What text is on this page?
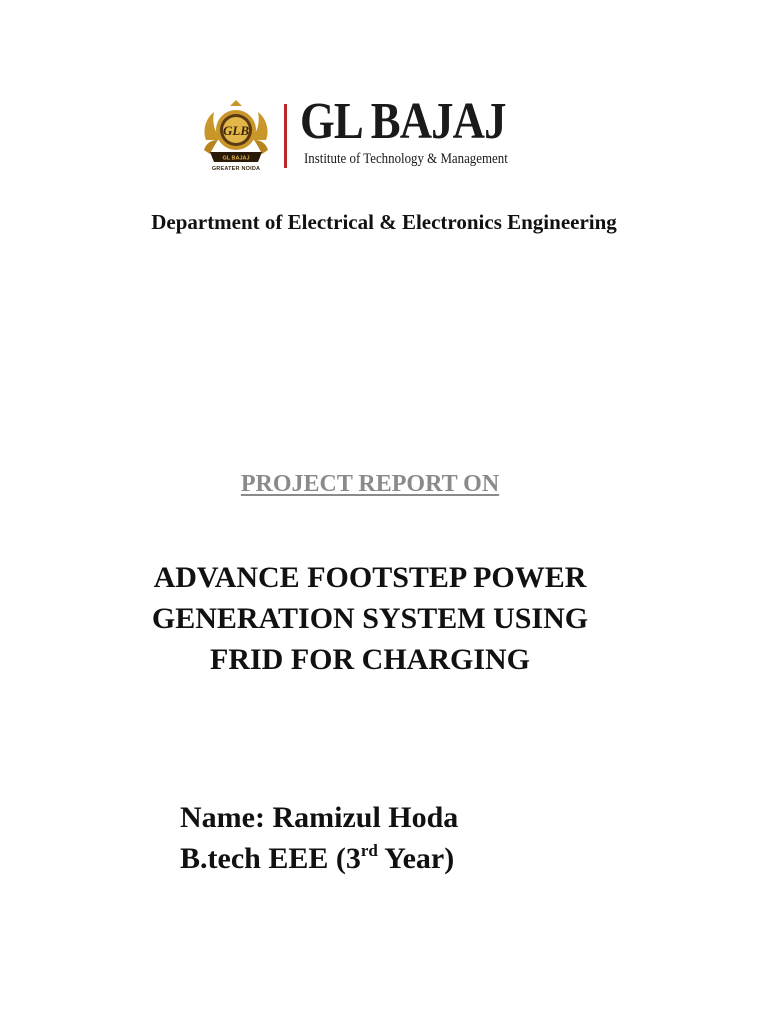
GLB
GL BAJAJ
GREATER NOIDA
GL BAJAJ
Institute of Technology & Management
Department of Electrical & Electronics Engineering
PROJECT REPORT ON
ADVANCE FOOTSTEP POWER
GENERATION SYSTEM USING
FRID FOR CHARGING
Name: Ramizul Hoda
B.tech EEE (3rd Year)
